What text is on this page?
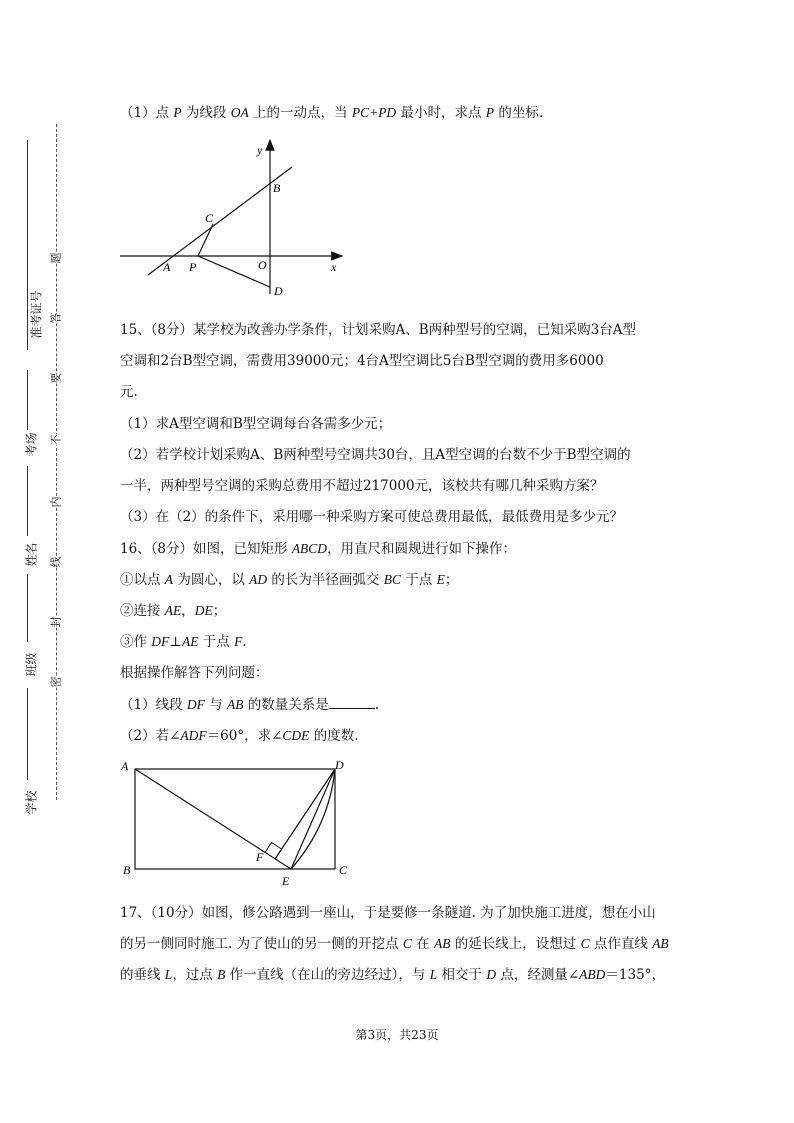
准考证号
考场
姓名
班级
学校
题
答
要
不
内
线
封
密
（1）点 P 为线段 OA 上的一动点，当 PC+PD 最小时，求点 P 的坐标.
y
x
B
C
A P	O
D
15、（8分）某学校为改善办学条件，计划采购A、B两种型号的空调，已知采购3台A型
空调和2台B型空调，需费用39000元；4台A型空调比5台B型空调的费用多6000
元.
（1）求A型空调和B型空调每台各需多少元；
（2）若学校计划采购A、B两种型号空调共30台，且A型空调的台数不少于B型空调的
一半，两种型号空调的采购总费用不超过217000元，该校共有哪几种采购方案？
（3）在（2）的条件下，采用哪一种采购方案可使总费用最低，最低费用是多少元？
16、（8分）如图，已知矩形 ABCD，用直尺和圆规进行如下操作：
①以点 A 为圆心，以 AD 的长为半径画弧交 BC 于点 E；
②连接 AE，DE；
③作 DF⊥AE 于点 F.
根据操作解答下列问题：
（1）线段 DF 与 AB 的数量关系是	.
（2）若∠ADF＝60°，求∠CDE 的度数.
A	D
B
F
E
C
17、（10分）如图，修公路遇到一座山，于是要修一条隧道. 为了加快施工进度，想在小山
的另一侧同时施工. 为了使山的另一侧的开挖点 C 在 AB 的延长线上，设想过 C 点作直线 AB
的垂线 L，过点 B 作一直线（在山的旁边经过），与 L 相交于 D 点，经测量∠ABD＝135°，
第3页，共23页
